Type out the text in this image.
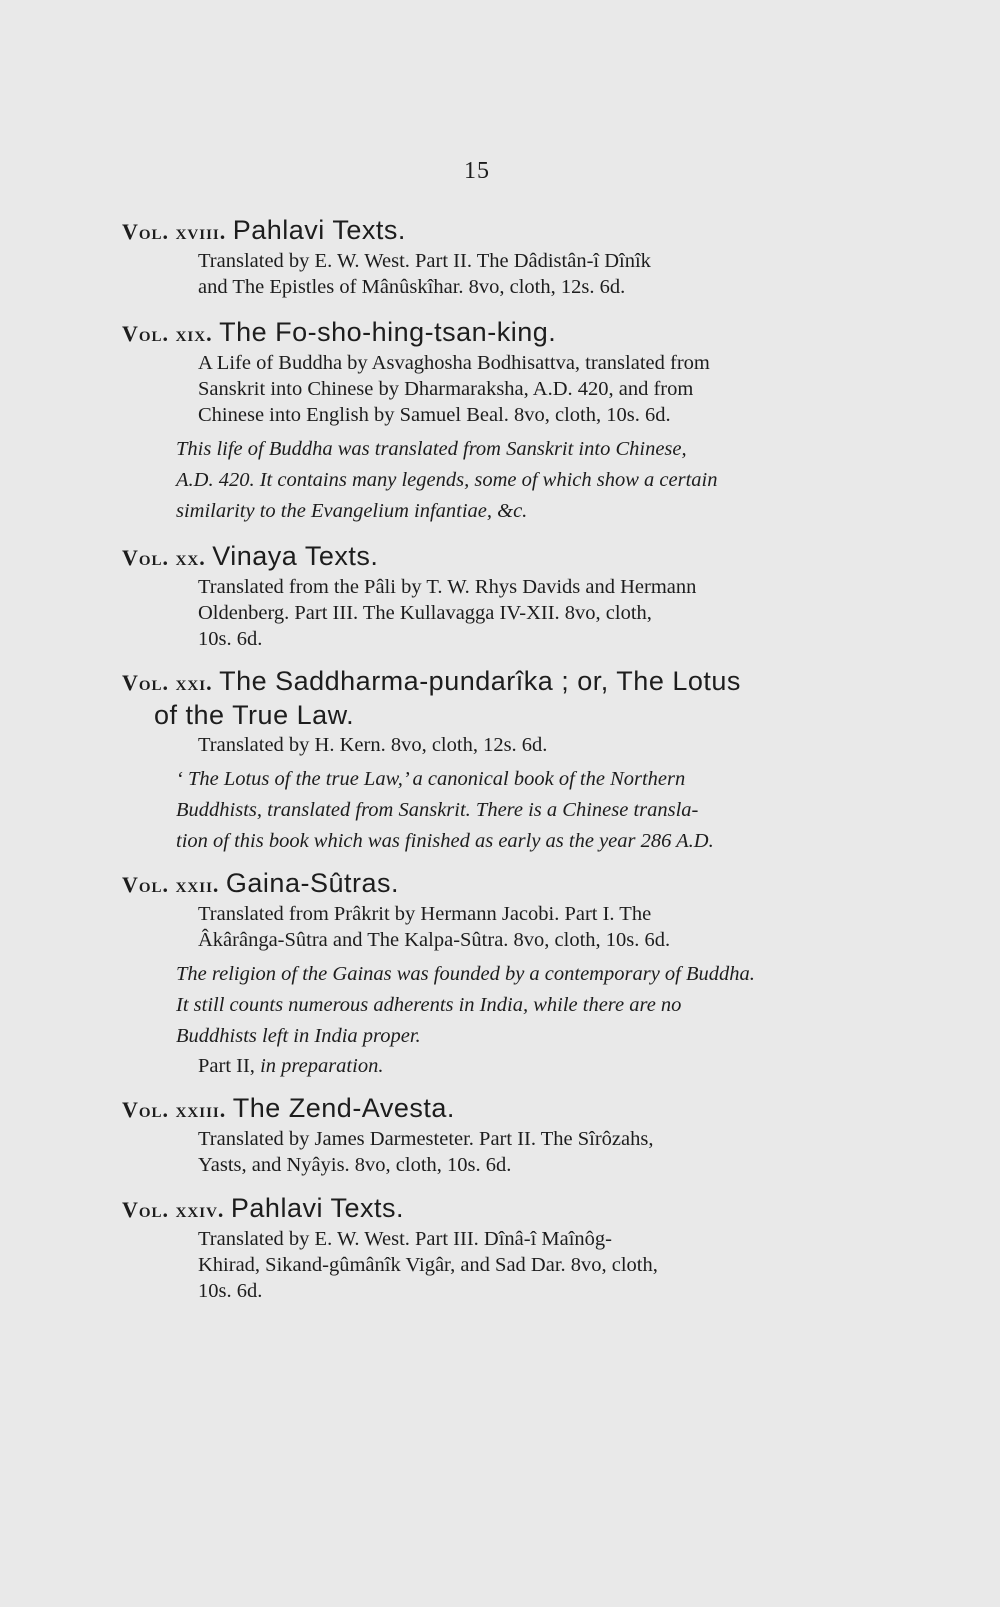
15
Vol. xviii. Pahlavi Texts.
Translated by E. W. West. Part II. The Dâdistân-î Dînîk
and The Epistles of Mânûskîhar. 8vo, cloth, 12s. 6d.
Vol. xix. The Fo-sho-hing-tsan-king.
A Life of Buddha by Asvaghosha Bodhisattva, translated from
Sanskrit into Chinese by Dharmaraksha, A.D. 420, and from
Chinese into English by Samuel Beal. 8vo, cloth, 10s. 6d.
This life of Buddha was translated from Sanskrit into Chinese,
A.D. 420. It contains many legends, some of which show a certain
similarity to the Evangelium infantiae, &c.
Vol. xx. Vinaya Texts.
Translated from the Pâli by T. W. Rhys Davids and Hermann
Oldenberg. Part III. The Kullavagga IV-XII. 8vo, cloth,
10s. 6d.
Vol. xxi. The Saddharma-pundarîka ; or, The Lotus
of the True Law.
Translated by H. Kern. 8vo, cloth, 12s. 6d.
‘ The Lotus of the true Law,’ a canonical book of the Northern
Buddhists, translated from Sanskrit. There is a Chinese transla-
tion of this book which was finished as early as the year 286 A.D.
Vol. xxii. Gaina-Sûtras.
Translated from Prâkrit by Hermann Jacobi. Part I. The
Âkârânga-Sûtra and The Kalpa-Sûtra. 8vo, cloth, 10s. 6d.
The religion of the Gainas was founded by a contemporary of Buddha.
It still counts numerous adherents in India, while there are no
Buddhists left in India proper.
Part II, in preparation.
Vol. xxiii. The Zend-Avesta.
Translated by James Darmesteter. Part II. The Sîrôzahs,
Yasts, and Nyâyis. 8vo, cloth, 10s. 6d.
Vol. xxiv. Pahlavi Texts.
Translated by E. W. West. Part III. Dînâ-î Maînôg-
Khirad, Sikand-gûmânîk Vigâr, and Sad Dar. 8vo, cloth,
10s. 6d.
